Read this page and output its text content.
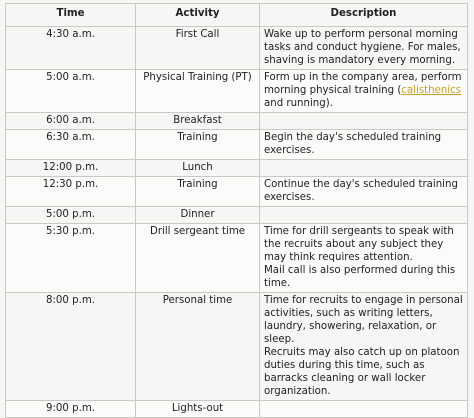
Time	Activity	Description
4:30 a.m.	First Call	Wake up to perform personal morning tasks and conduct hygiene. For males, shaving is mandatory every morning.
5:00 a.m.	Physical Training (PT)	Form up in the company area, perform morning physical training (calisthenics and running).
6:00 a.m.	Breakfast	
6:30 a.m.	Training	Begin the day's scheduled training exercises.
12:00 p.m.	Lunch	
12:30 p.m.	Training	Continue the day's scheduled training exercises.
5:00 p.m.	Dinner	
5:30 p.m.	Drill sergeant time	Time for drill sergeants to speak with the recruits about any subject they may think requires attention.
Mail call is also performed during this time.

8:00 p.m.	Personal time	Time for recruits to engage in personal activities, such as writing letters, laundry, showering, relaxation, or sleep.
Recruits may also catch up on platoon duties during this time, such as barracks cleaning or wall locker organization.

9:00 p.m.	Lights-out	
